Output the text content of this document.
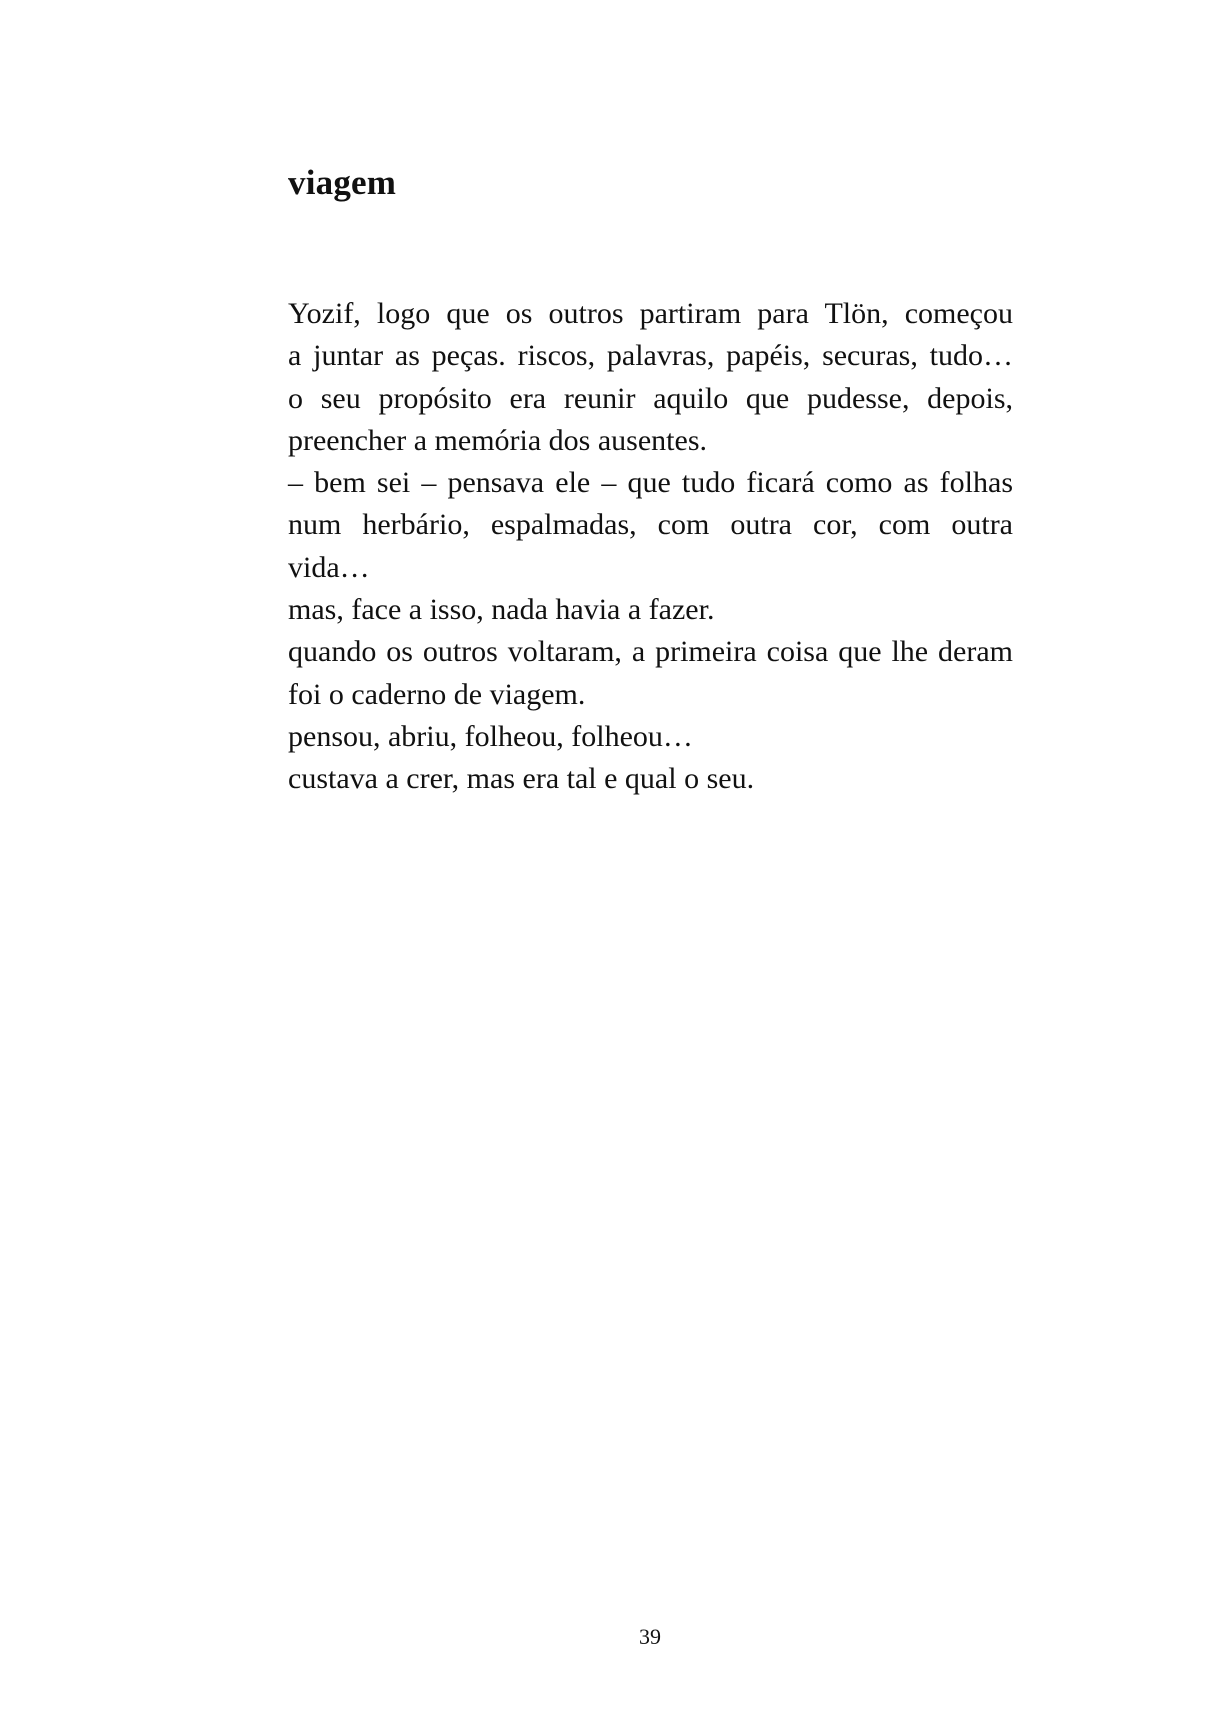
viagem
Yozif, logo que os outros partiram para Tlön, começou
a juntar as peças. riscos, palavras, papéis, securas, tudo…
o seu propósito era reunir aquilo que pudesse, depois,
preencher a memória dos ausentes.
– bem sei – pensava ele – que tudo ficará como as folhas
num herbário, espalmadas, com outra cor, com outra
vida…
mas, face a isso, nada havia a fazer.
quando os outros voltaram, a primeira coisa que lhe deram
foi o caderno de viagem.
pensou, abriu, folheou, folheou…
custava a crer, mas era tal e qual o seu.
39
